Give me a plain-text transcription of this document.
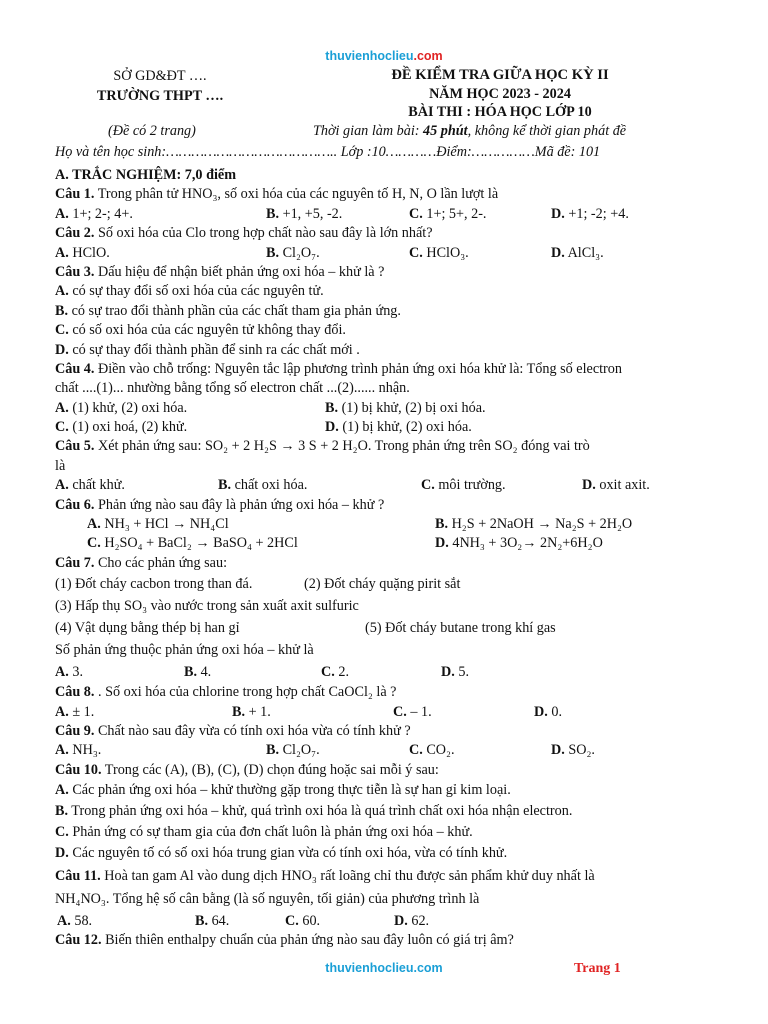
thuvienhoclieu.com
SỞ GD&ĐT ….
TRƯỜNG THPT ….
ĐỀ KIỂM TRA GIỮA HỌC KỲ II
NĂM HỌC 2023 - 2024
BÀI THI : HÓA HỌC LỚP 10
(Đề có 2 trang)	Thời gian làm bài: 45 phút, không kể thời gian phát đề
Họ và tên học sinh:………………………………….. Lớp :10…………Điểm:……………Mã đề: 101
A. TRẮC NGHIỆM: 7,0 điểm
Câu 1. Trong phân tử HNO₃, số oxi hóa của các nguyên tố H, N, O lần lượt là
A. 1+; 2-; 4+.	B. +1, +5, -2.	C. 1+; 5+, 2-.	D. +1; -2; +4.
Câu 2. Số oxi hóa của Clo trong hợp chất nào sau đây là lớn nhất?
A. HClO.	B. Cl₂O₇.	C. HClO₃.	D. AlCl₃.
Câu 3. Dấu hiệu để nhận biết phản ứng oxi hóa – khử là ?
A. có sự thay đổi số oxi hóa của các nguyên tử.
B. có sự trao đổi thành phần của các chất tham gia phản ứng.
C. có số oxi hóa của các nguyên tử không thay đổi.
D. có sự thay đổi thành phần để sinh ra các chất mới .
Câu 4. Điền vào chỗ trống: Nguyên tắc lập phương trình phản ứng oxi hóa khử là: Tổng số electron
chất ....(1)... nhường bằng tổng số electron chất ...(2)...... nhận.
A. (1) khử, (2) oxi hóa.	B. (1) bị khử, (2) bị oxi hóa.
C. (1) oxi hoá, (2) khử.	D. (1) bị khử, (2) oxi hóa.
Câu 5. Xét phản ứng sau: SO₂ + 2 H₂S → 3 S + 2 H₂O. Trong phản ứng trên SO₂ đóng vai trò
là
A. chất khử.	B. chất oxi hóa.	C. môi trường.	D. oxit axit.
Câu 6. Phản ứng nào sau đây là phản ứng oxi hóa – khử ?
A. NH₃ + HCl → NH₄Cl	B. H₂S + 2NaOH → Na₂S + 2H₂O
C. H₂SO₄ + BaCl₂ → BaSO₄ + 2HCl	D. 4NH₃ + 3O₂→ 2N₂+6H₂O
Câu 7. Cho các phản ứng sau:
(1) Đốt cháy cacbon trong than đá.	(2) Đốt cháy quặng pirit sắt
(3) Hấp thụ SO₃ vào nước trong sản xuất axit sulfuric
(4) Vật dụng bằng thép bị han gỉ	(5) Đốt cháy butane trong khí gas
Số phản ứng thuộc phản ứng oxi hóa – khử là
A. 3.	B. 4.	C. 2.	D. 5.
Câu 8. . Số oxi hóa của chlorine trong hợp chất CaOCl₂ là ?
A. ± 1.	B. + 1.	C. – 1.	D. 0.
Câu 9. Chất nào sau đây vừa có tính oxi hóa vừa có tính khử ?
A. NH₃.	B. Cl₂O₇.	C. CO₂.	D. SO₂.
Câu 10. Trong các (A), (B), (C), (D) chọn đúng hoặc sai mỗi ý sau:
A. Các phản ứng oxi hóa – khử thường gặp trong thực tiễn là sự han gỉ kim loại.
B. Trong phản ứng oxi hóa – khử, quá trình oxi hóa là quá trình chất oxi hóa nhận electron.
C. Phản ứng có sự tham gia của đơn chất luôn là phản ứng oxi hóa – khử.
D. Các nguyên tố có số oxi hóa trung gian vừa có tính oxi hóa, vừa có tính khử.
Câu 11. Hoà tan gam Al vào dung dịch HNO₃ rất loãng chỉ thu được sản phẩm khử duy nhất là
NH₄NO₃. Tổng hệ số cân bằng (là số nguyên, tối giản) của phương trình là
A. 58.	B. 64.	C. 60.	D. 62.
Câu 12. Biến thiên enthalpy chuẩn của phản ứng nào sau đây luôn có giá trị âm?
thuvienhoclieu.com	Trang 1
